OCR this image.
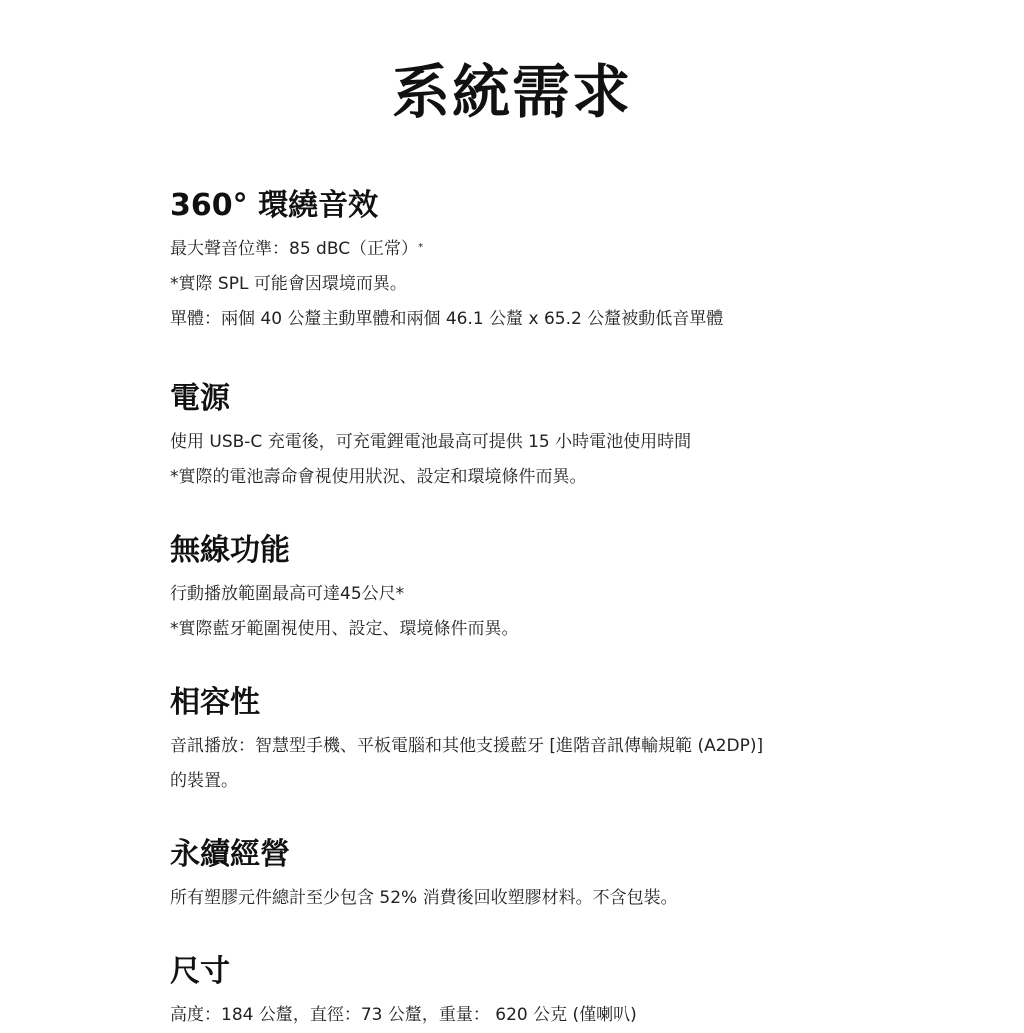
系統需求
360° 環繞音效

最大聲音位準：85 dBC（正常）*

*實際 SPL 可能會因環境而異。

單體：兩個 40 公釐主動單體和兩個 46.1 公釐 x 65.2 公釐被動低音單體

電源

使用 USB-C 充電後，可充電鋰電池最高可提供 15 小時電池使用時間

*實際的電池壽命會視使用狀況、設定和環境條件而異。

無線功能

行動播放範圍最高可達45公尺*

*實際藍牙範圍視使用、設定、環境條件而異。

相容性

音訊播放：智慧型手機、平板電腦和其他支援藍牙 [進階音訊傳輸規範 (A2DP)]

的裝置。

永續經營

所有塑膠元件總計至少包含 52% 消費後回收塑膠材料。不含包裝。

尺寸

高度：184 公釐，直徑：73 公釐，重量： 620 公克 (僅喇叭)
